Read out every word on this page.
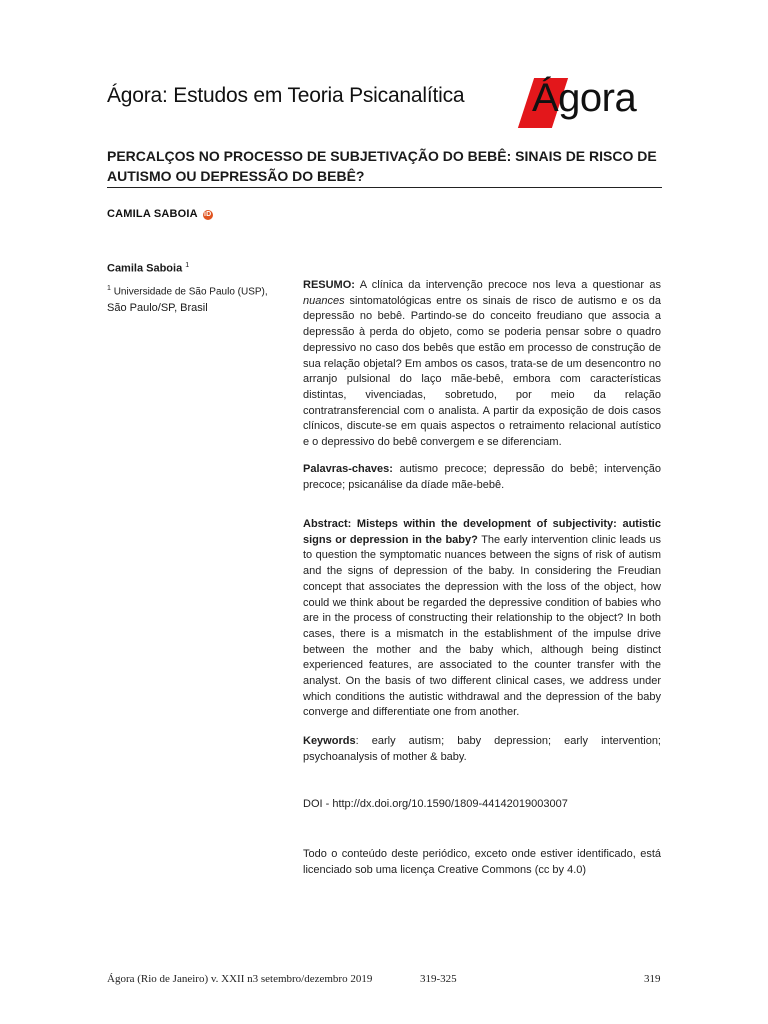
Ágora: Estudos em Teoria Psicanalítica Ágora
PERCALÇOS NO PROCESSO DE SUBJETIVAÇÃO DO BEBÊ: SINAIS DE RISCO DE AUTISMO OU DEPRESSÃO DO BEBÊ?
CAMILA SABOIA iD
Camila Saboia $^1$
$^1$ Universidade de São Paulo (USP),
São Paulo/SP, Brasil
RESUMO: A clínica da intervenção precoce nos leva a questionar as nuances sintomatológicas entre os sinais de risco de autismo e os da depressão no bebê. Partindo-se do conceito freudiano que associa a depressão à perda do objeto, como se poderia pensar sobre o quadro depressivo no caso dos bebês que estão em processo de construção de sua relação objetal? Em ambos os casos, trata-se de um desencontro no arranjo pulsional do laço mãe-bebê, embora com características distintas, vivenciadas, sobretudo, por meio da relação contratransferencial com o analista. A partir da exposição de dois casos clínicos, discute-se em quais aspectos o retraimento relacional autístico e o depressivo do bebê convergem e se diferenciam.
Palavras-chaves: autismo precoce; depressão do bebê; intervenção precoce; psicanálise da díade mãe-bebê.
Abstract: Misteps within the development of subjectivity: autistic signs or depression in the baby? The early intervention clinic leads us to question the symptomatic nuances between the signs of risk of autism and the signs of depression of the baby. In considering the Freudian concept that associates the depression with the loss of the object, how could we think about be regarded the depressive condition of babies who are in the process of constructing their relationship to the object? In both cases, there is a mismatch in the establishment of the impulse drive between the mother and the baby which, although being distinct experienced features, are associated to the counter transfer with the analyst. On the basis of two different clinical cases, we address under which conditions the autistic withdrawal and the depression of the baby converge and differentiate one from another.
Keywords: early autism; baby depression; early intervention; psychoanalysis of mother & baby.
DOI - http://dx.doi.org/10.1590/1809-44142019003007
Todo o conteúdo deste periódico, exceto onde estiver identificado, está licenciado sob uma licença Creative Commons (cc by 4.0)
Ágora (Rio de Janeiro) v. XXII n3 setembro/dezembro 2019	319-325	319
